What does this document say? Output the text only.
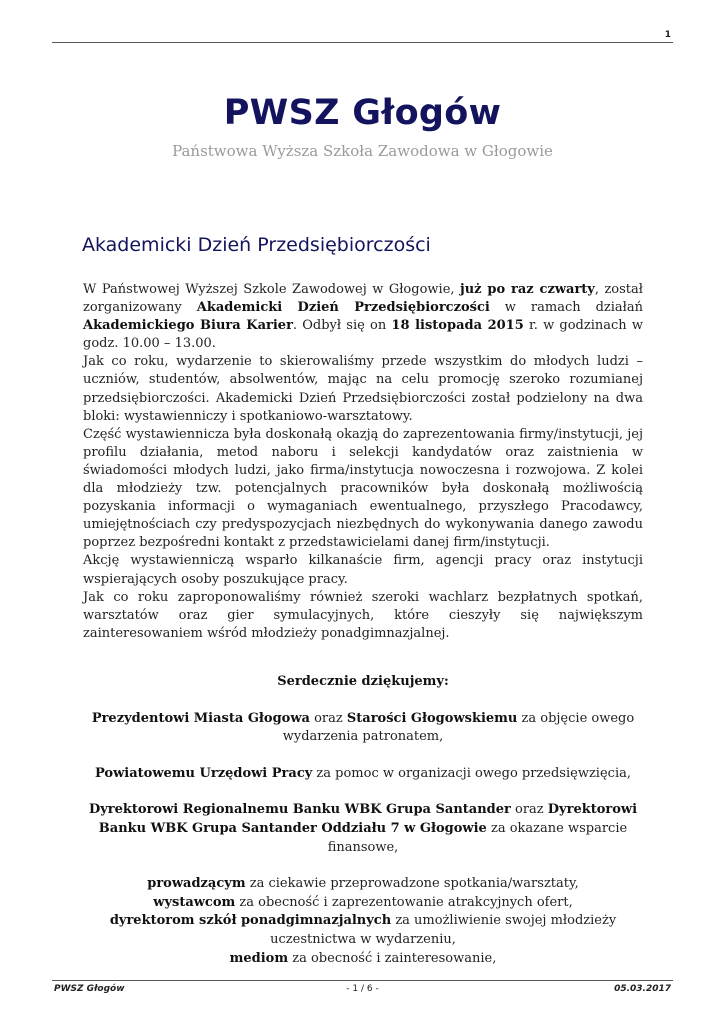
1
PWSZ Głogów
Państwowa Wyższa Szkoła Zawodowa w Głogowie
Akademicki Dzień Przedsiębiorczości

W Państwowej Wyższej Szkole Zawodowej w Głogowie, już po raz czwarty, został zorganizowany Akademicki Dzień Przedsiębiorczości w ramach działań Akademickiego Biura Karier. Odbył się on 18 listopada 2015 r. w godzinach w godz. 10.00 – 13.00.

Jak co roku, wydarzenie to skierowaliśmy przede wszystkim do młodych ludzi – uczniów, studentów, absolwentów, mając na celu promocję szeroko rozumianej przedsiębiorczości. Akademicki Dzień Przedsiębiorczości został podzielony na dwa bloki: wystawienniczy i spotkaniowo-warsztatowy.

Część wystawiennicza była doskonałą okazją do zaprezentowania firmy/instytucji, jej profilu działania, metod naboru i selekcji kandydatów oraz zaistnienia w świadomości młodych ludzi, jako firma/instytucja nowoczesna i rozwojowa. Z kolei dla młodzieży tzw. potencjalnych pracowników była doskonałą możliwością pozyskania informacji o wymaganiach ewentualnego, przyszłego Pracodawcy, umiejętnościach czy predyspozycjach niezbędnych do wykonywania danego zawodu poprzez bezpośredni kontakt z przedstawicielami danej firm/instytucji.

Akcję wystawienniczą wsparło kilkanaście firm, agencji pracy oraz instytucji wspierających osoby poszukujące pracy.

Jak co roku zaproponowaliśmy również szeroki wachlarz bezpłatnych spotkań, warsztatów oraz gier symulacyjnych, które cieszyły się największym zainteresowaniem wśród młodzieży ponadgimnazjalnej.

Serdecznie dziękujemy:

Prezydentowi Miasta Głogowa oraz Starości Głogowskiemu za objęcie owego wydarzenia patronatem,

Powiatowemu Urzędowi Pracy za pomoc w organizacji owego przedsięwzięcia,

Dyrektorowi Regionalnemu Banku WBK Grupa Santander oraz Dyrektorowi Banku WBK Grupa Santander Oddziału 7 w Głogowie za okazane wsparcie finansowe,

prowadzącym za ciekawie przeprowadzone spotkania/warsztaty,

wystawcom za obecność i zaprezentowanie atrakcyjnych ofert,

dyrektorom szkół ponadgimnazjalnych za umożliwienie swojej młodzieży uczestnictwa w wydarzeniu,

mediom za obecność i zainteresowanie,

PWSZ Głogów	- 1 / 6 -	05.03.2017
